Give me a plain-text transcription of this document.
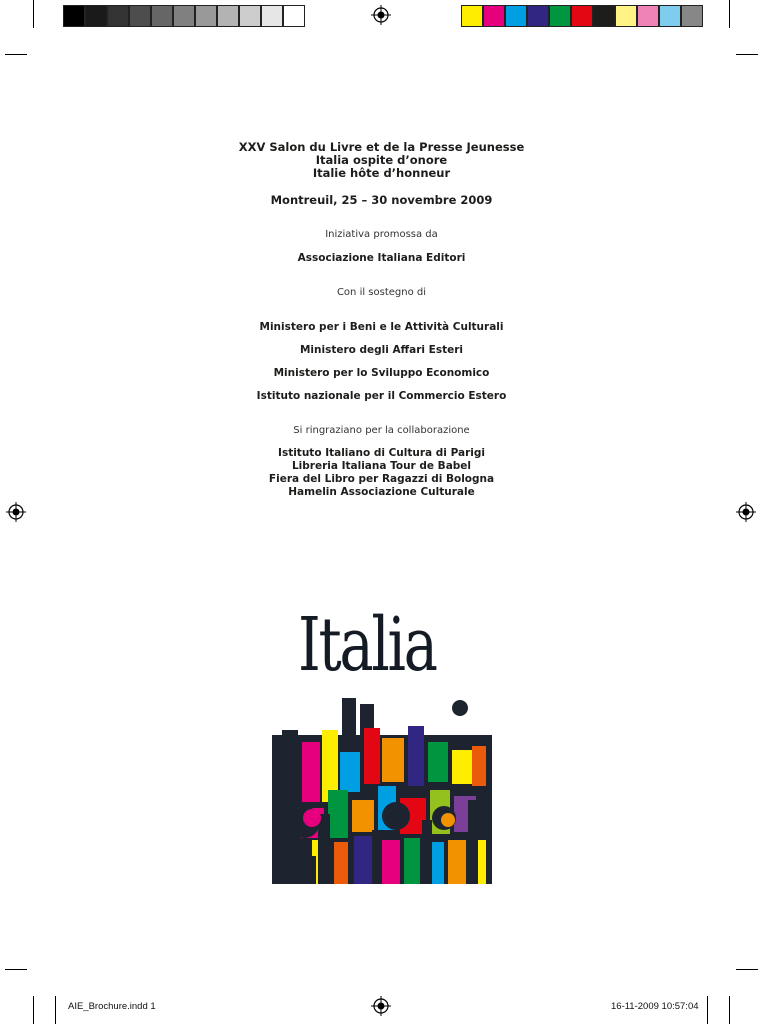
XXV Salon du Livre et de la Presse Jeunesse
Italia ospite d’onore
Italie hôte d’honneur
Montreuil, 25 – 30 novembre 2009
Iniziativa promossa da
Associazione Italiana Editori
Con il sostegno di
Ministero per i Beni e le Attività Culturali
Ministero degli Affari Esteri
Ministero per lo Sviluppo Economico
Istituto nazionale per il Commercio Estero
Si ringraziano per la collaborazione
Istituto Italiano di Cultura di Parigi
Libreria Italiana Tour de Babel
Fiera del Libro per Ragazzi di Bologna
Hamelin Associazione Culturale
Italia
AIE_Brochure.indd 1	16-11-2009 10:57:04
